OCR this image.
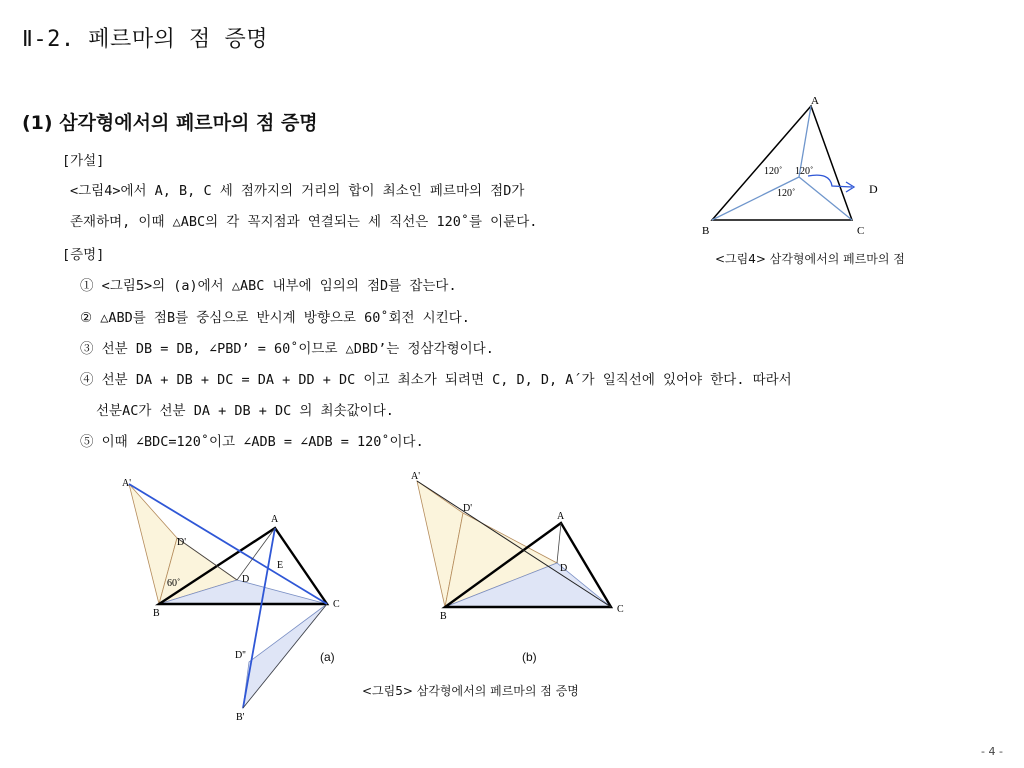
Ⅱ-2. 페르마의 점 증명
(1) 삼각형에서의 페르마의 점 증명
[가설]
<그림4>에서 A, B, C 세 점까지의 거리의 합이 최소인 페르마의 점D가
존재하며, 이때 △ABC의 각 꼭지점과 연결되는 세 직선은 120˚를 이룬다.
[증명]
① <그림5>의 (a)에서 △ABC 내부에 임의의 점D를 잡는다.
② △ABD를 점B를 중심으로 반시계 방향으로 60˚회전 시킨다.
③ 선분 DB = DB, ∠PBD’ = 60˚이므로 △DBD’는 정삼각형이다.
④ 선분 DA + DB + DC = DA + DD + DC 이고 최소가 되려면 C, D, D, A´가 일직선에 있어야 한다. 따라서
선분AC가 선분 DA + DB + DC 의 최솟값이다.
⑤ 이때 ∠BDC=120˚이고 ∠ADB = ∠ADB = 120˚이다.
A
B	C
D
120˚ 120˚
120˚
<그림4> 삼각형에서의 페르마의 점
A'
D'
A
E
D
B
C
D''
B'
60˚
A'
D'
A
D
B
C
(a)	(b)
<그림5> 삼각형에서의 페르마의 점 증명
- 4 -
